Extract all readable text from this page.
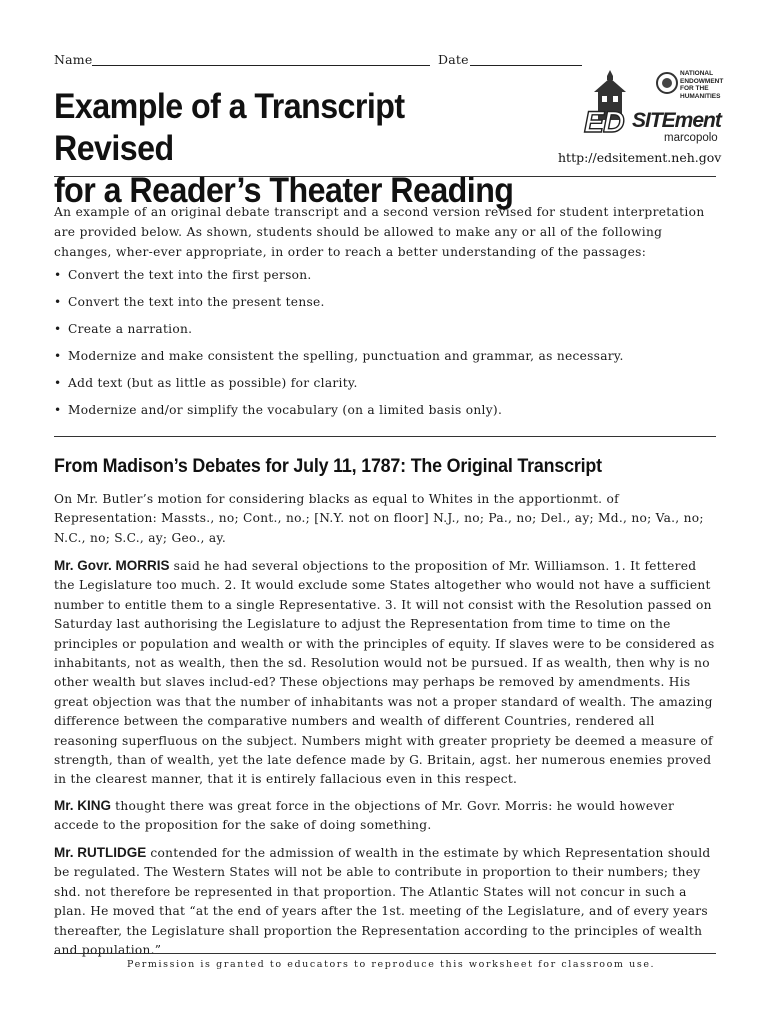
Name	Date
Example of a Transcript Revised
for a Reader’s Theater Reading
NATIONAL ENDOWMENT FOR THE HUMANITIES
ED SITEment
marcopolo
http://edsitement.neh.gov
An example of an original debate transcript and a second version revised for student interpretation are provided below. As shown, students should be allowed to make any or all of the following changes, wher-ever appropriate, in order to reach a better understanding of the passages:
• Convert the text into the first person.
• Convert the text into the present tense.
• Create a narration.
• Modernize and make consistent the spelling, punctuation and grammar, as necessary.
• Add text (but as little as possible) for clarity.
• Modernize and/or simplify the vocabulary (on a limited basis only).
From Madison’s Debates for July 11, 1787: The Original Transcript

On Mr. Butler’s motion for considering blacks as equal to Whites in the apportionmt. of Representation: Massts., no; Cont., no.; [N.Y. not on floor] N.J., no; Pa., no; Del., ay; Md., no; Va., no; N.C., no; S.C., ay; Geo., ay.

Mr. Govr. MORRIS said he had several objections to the proposition of Mr. Williamson. 1. It fettered the Legislature too much. 2. It would exclude some States altogether who would not have a sufficient number to entitle them to a single Representative. 3. It will not consist with the Resolution passed on Saturday last authorising the Legislature to adjust the Representation from time to time on the principles or population and wealth or with the principles of equity. If slaves were to be considered as inhabitants, not as wealth, then the sd. Resolution would not be pursued. If as wealth, then why is no other wealth but slaves includ-ed? These objections may perhaps be removed by amendments. His great objection was that the number of inhabitants was not a proper standard of wealth. The amazing difference between the comparative numbers and wealth of different Countries, rendered all reasoning superfluous on the subject. Numbers might with greater propriety be deemed a measure of strength, than of wealth, yet the late defence made by G. Britain, agst. her numerous enemies proved in the clearest manner, that it is entirely fallacious even in this respect.

Mr. KING thought there was great force in the objections of Mr. Govr. Morris: he would however accede to the proposition for the sake of doing something.

Mr. RUTLIDGE contended for the admission of wealth in the estimate by which Representation should be regulated. The Western States will not be able to contribute in proportion to their numbers; they shd. not therefore be represented in that proportion. The Atlantic States will not concur in such a plan. He moved that “at the end of years after the 1st. meeting of the Legislature, and of every years thereafter, the Legislature shall proportion the Representation according to the principles of wealth and population.”

Permission is granted to educators to reproduce this worksheet for classroom use.
